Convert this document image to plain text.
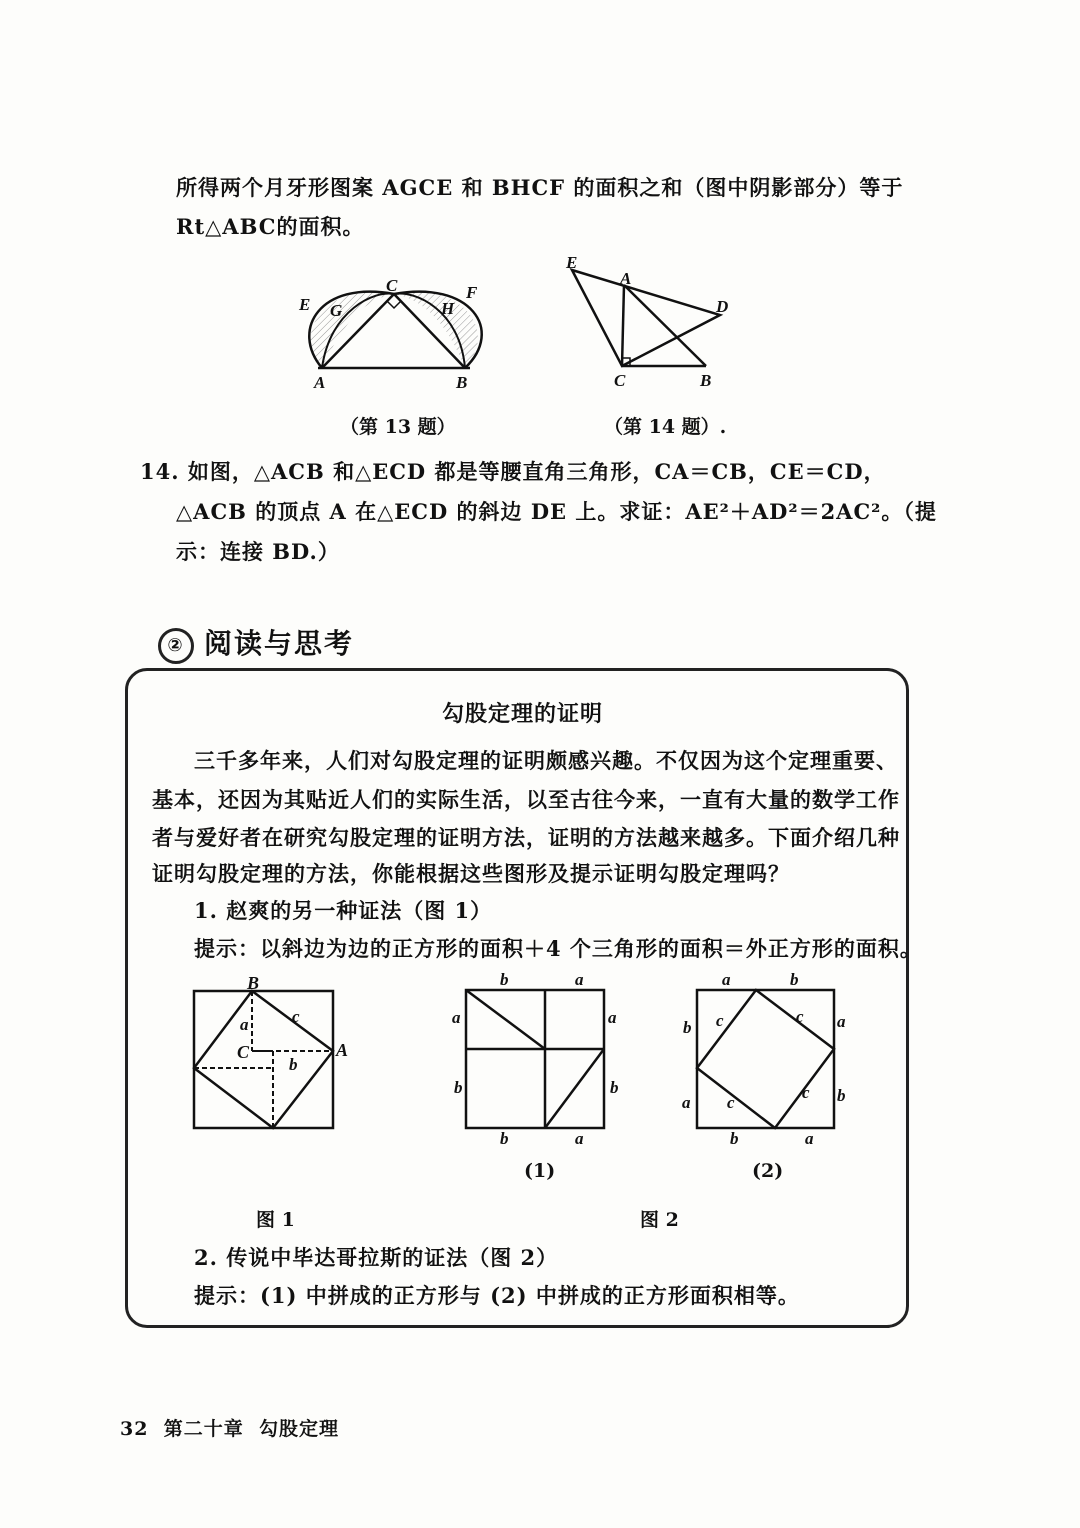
所得两个月牙形图案 AGCE 和 BHCF 的面积之和（图中阴影部分）等于
Rt△ABC的面积。
A	B
C
E
F
G	H
（第 13 题）
E
A
D
C	B
（第 14 题）.
14. 如图，△ACB 和△ECD 都是等腰直角三角形，CA＝CB，CE＝CD，
△ACB 的顶点 A 在△ECD 的斜边 DE 上。求证：AE²＋AD²＝2AC²。（提
示：连接 BD.）
② 阅读与思考
勾股定理的证明
三千多年来，人们对勾股定理的证明颇感兴趣。不仅因为这个定理重要、
基本，还因为其贴近人们的实际生活，以至古往今来，一直有大量的数学工作
者与爱好者在研究勾股定理的证明方法，证明的方法越来越多。下面介绍几种
证明勾股定理的方法，你能根据这些图形及提示证明勾股定理吗？
1. 赵爽的另一种证法（图 1）
提示：以斜边为边的正方形的面积＋4 个三角形的面积＝外正方形的面积。
B
A
C
a	c
b
图 1
b	a
a
b
a
b
b	a
(1)
a	b
b
a
a
b
b	a
c	c
c
c
(2)
图 2
2. 传说中毕达哥拉斯的证法（图 2）
提示：(1) 中拼成的正方形与 (2) 中拼成的正方形面积相等。
32 第二十章 勾股定理
